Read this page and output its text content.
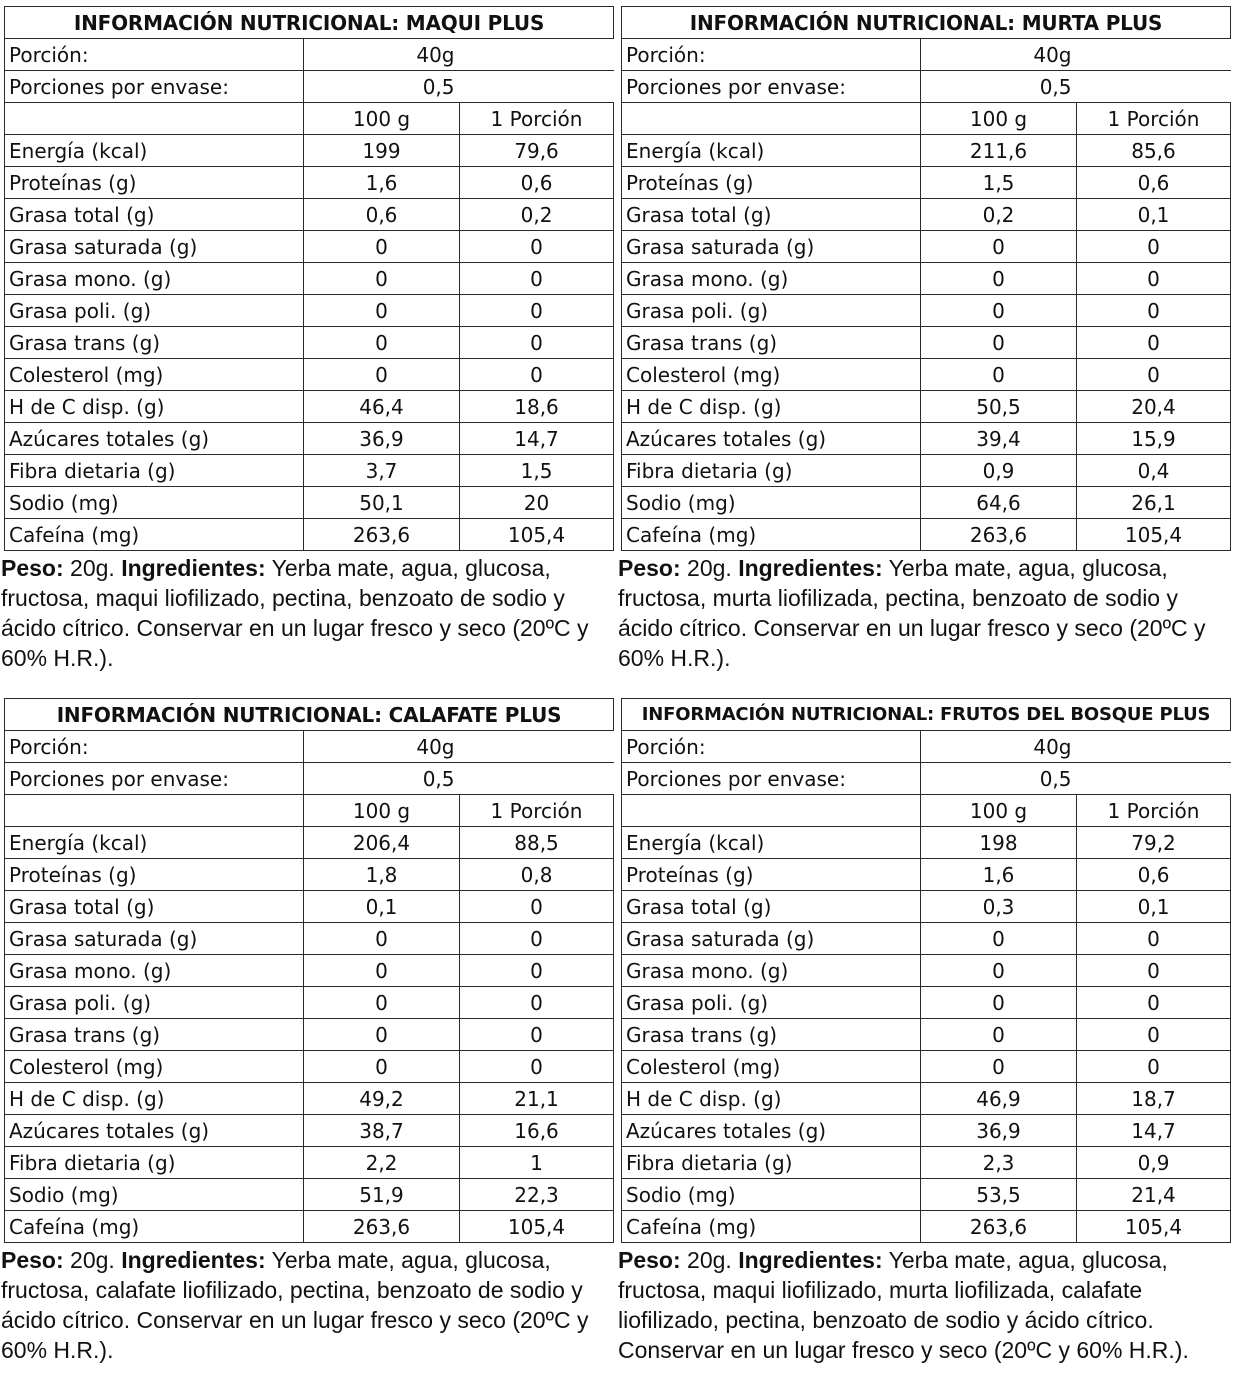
INFORMACIÓN NUTRICIONAL: MAQUI PLUS		
Porción:	40g	
Porciones por envase:	0,5	
	100 g	1 Porción
Energía (kcal)	199	79,6
Proteínas (g)	1,6	0,6
Grasa total (g)	0,6	0,2
Grasa saturada (g)	0	0
Grasa mono. (g)	0	0
Grasa poli. (g)	0	0
Grasa trans (g)	0	0
Colesterol (mg)	0	0
H de C disp. (g)	46,4	18,6
Azúcares totales (g)	36,9	14,7
Fibra dietaria (g)	3,7	1,5
Sodio (mg)	50,1	20
Cafeína (mg)	263,6	105,4

Peso: 20g. Ingredientes: Yerba mate, agua, glucosa, fructosa, maqui liofilizado, pectina, benzoato de sodio y ácido cítrico. Conservar en un lugar fresco y seco (20ºC y 60% H.R.).

INFORMACIÓN NUTRICIONAL: MURTA PLUS		
Porción:	40g	
Porciones por envase:	0,5	
	100 g	1 Porción
Energía (kcal)	211,6	85,6
Proteínas (g)	1,5	0,6
Grasa total (g)	0,2	0,1
Grasa saturada (g)	0	0
Grasa mono. (g)	0	0
Grasa poli. (g)	0	0
Grasa trans (g)	0	0
Colesterol (mg)	0	0
H de C disp. (g)	50,5	20,4
Azúcares totales (g)	39,4	15,9
Fibra dietaria (g)	0,9	0,4
Sodio (mg)	64,6	26,1
Cafeína (mg)	263,6	105,4

Peso: 20g. Ingredientes: Yerba mate, agua, glucosa, fructosa, murta liofilizada, pectina, benzoato de sodio y ácido cítrico. Conservar en un lugar fresco y seco (20ºC y 60% H.R.).

INFORMACIÓN NUTRICIONAL: CALAFATE PLUS		
Porción:	40g	
Porciones por envase:	0,5	
	100 g	1 Porción
Energía (kcal)	206,4	88,5
Proteínas (g)	1,8	0,8
Grasa total (g)	0,1	0
Grasa saturada (g)	0	0
Grasa mono. (g)	0	0
Grasa poli. (g)	0	0
Grasa trans (g)	0	0
Colesterol (mg)	0	0
H de C disp. (g)	49,2	21,1
Azúcares totales (g)	38,7	16,6
Fibra dietaria (g)	2,2	1
Sodio (mg)	51,9	22,3
Cafeína (mg)	263,6	105,4

Peso: 20g. Ingredientes: Yerba mate, agua, glucosa, fructosa, calafate liofilizado, pectina, benzoato de sodio y ácido cítrico. Conservar en un lugar fresco y seco (20ºC y 60% H.R.).

INFORMACIÓN NUTRICIONAL: FRUTOS DEL BOSQUE PLUS		
Porción:	40g	
Porciones por envase:	0,5	
	100 g	1 Porción
Energía (kcal)	198	79,2
Proteínas (g)	1,6	0,6
Grasa total (g)	0,3	0,1
Grasa saturada (g)	0	0
Grasa mono. (g)	0	0
Grasa poli. (g)	0	0
Grasa trans (g)	0	0
Colesterol (mg)	0	0
H de C disp. (g)	46,9	18,7
Azúcares totales (g)	36,9	14,7
Fibra dietaria (g)	2,3	0,9
Sodio (mg)	53,5	21,4
Cafeína (mg)	263,6	105,4

Peso: 20g. Ingredientes: Yerba mate, agua, glucosa, fructosa, maqui liofilizado, murta liofilizada, calafate liofilizado, pectina, benzoato de sodio y ácido cítrico. Conservar en un lugar fresco y seco (20ºC y 60% H.R.).
